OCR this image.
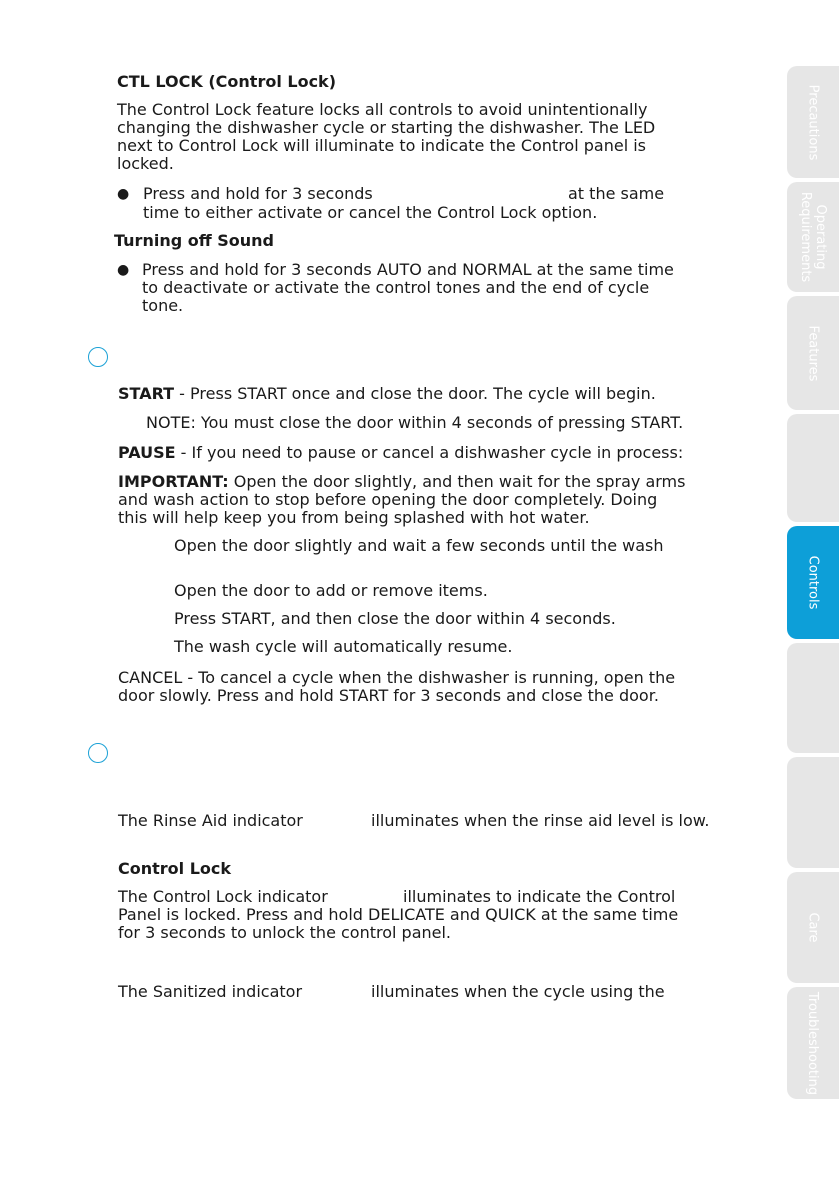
CTL LOCK (Control Lock)
The Control Lock feature locks all controls to avoid unintentionally
changing the dishwasher cycle or starting the dishwasher. The LED
next to Control Lock will illuminate to indicate the Control panel is
locked.
● Press and hold for 3 seconds	at the same
time to either activate or cancel the Control Lock option.
Turning off Sound
● Press and hold for 3 seconds AUTO and NORMAL at the same time
to deactivate or activate the control tones and the end of cycle
tone.
START - Press START once and close the door. The cycle will begin.
NOTE: You must close the door within 4 seconds of pressing START.
PAUSE - If you need to pause or cancel a dishwasher cycle in process:
IMPORTANT: Open the door slightly, and then wait for the spray arms
and wash action to stop before opening the door completely. Doing
this will help keep you from being splashed with hot water.
Open the door slightly and wait a few seconds until the wash
Open the door to add or remove items.
Press START, and then close the door within 4 seconds.
The wash cycle will automatically resume.
CANCEL - To cancel a cycle when the dishwasher is running, open the
door slowly. Press and hold START for 3 seconds and close the door.
The Rinse Aid indicator	illuminates when the rinse aid level is low.
Control Lock
The Control Lock indicator	illuminates to indicate the Control
Panel is locked. Press and hold DELICATE and QUICK at the same time
for 3 seconds to unlock the control panel.
The Sanitized indicator	illuminates when the cycle using the
Precautions
Operating Requirements
Features
Controls
Care
Troubleshooting
